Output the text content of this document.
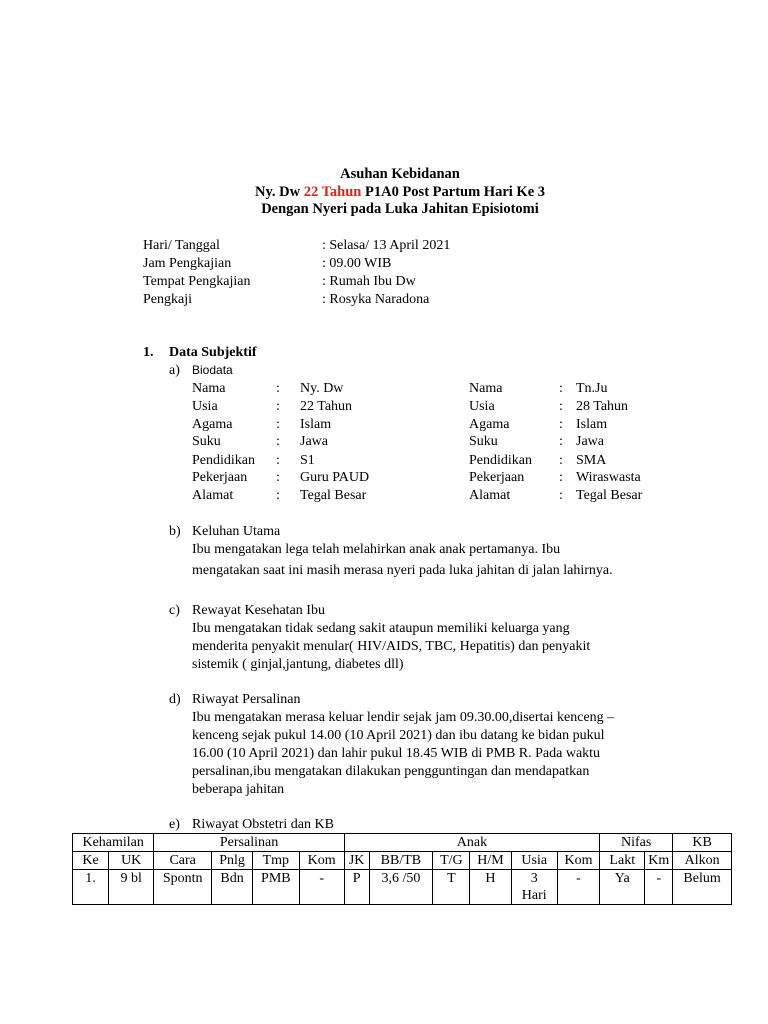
Asuhan Kebidanan
Ny. Dw 22 Tahun P1A0 Post Partum Hari Ke 3
Dengan Nyeri pada Luka Jahitan Episiotomi
Hari/ Tanggal	: Selasa/ 13 April 2021
Jam Pengkajian	: 09.00 WIB
Tempat Pengkajian	: Rumah Ibu Dw
Pengkaji	: Rosyka Naradona
1. Data Subjektif
a) Biodata
Nama	: Ny. Dw
Usia	: 22 Tahun
Agama	: Islam
Suku	: Jawa
Pendidikan : S1
Pekerjaan : Guru PAUD
Alamat	: Tegal Besar
Nama	: Tn.Ju
Usia	: 28 Tahun
Agama	: Islam
Suku	: Jawa
Pendidikan : SMA
Pekerjaan : Wiraswasta
Alamat	: Tegal Besar
b) Keluhan Utama
Ibu mengatakan lega telah melahirkan anak anak pertamanya. Ibu
mengatakan saat ini masih merasa nyeri pada luka jahitan di jalan lahirnya.
c) Rewayat Kesehatan Ibu
Ibu mengatakan tidak sedang sakit ataupun memiliki keluarga yang
menderita penyakit menular( HIV/AIDS, TBC, Hepatitis) dan penyakit
sistemik ( ginjal,jantung, diabetes dll)
d) Riwayat Persalinan
Ibu mengatakan merasa keluar lendir sejak jam 09.30.00,disertai kenceng –
kenceng sejak pukul 14.00 (10 April 2021) dan ibu datang ke bidan pukul
16.00 (10 April 2021) dan lahir pukul 18.45 WIB di PMB R. Pada waktu
persalinan,ibu mengatakan dilakukan pengguntingan dan mendapatkan
beberapa jahitan
e) Riwayat Obstetri dan KB
Kehamilan		Persalinan				Anak						Nifas		KB
Ke	UK	Cara	Pnlg	Tmp	Kom	JK	BB/TB	T/G	H/M	Usia	Kom	Lakt	Km	Alkon
1.	9 bl	Spontn	Bdn	PMB	-	P	3,6 /50	T	H	3
Hari	-	Ya	-	Belum
